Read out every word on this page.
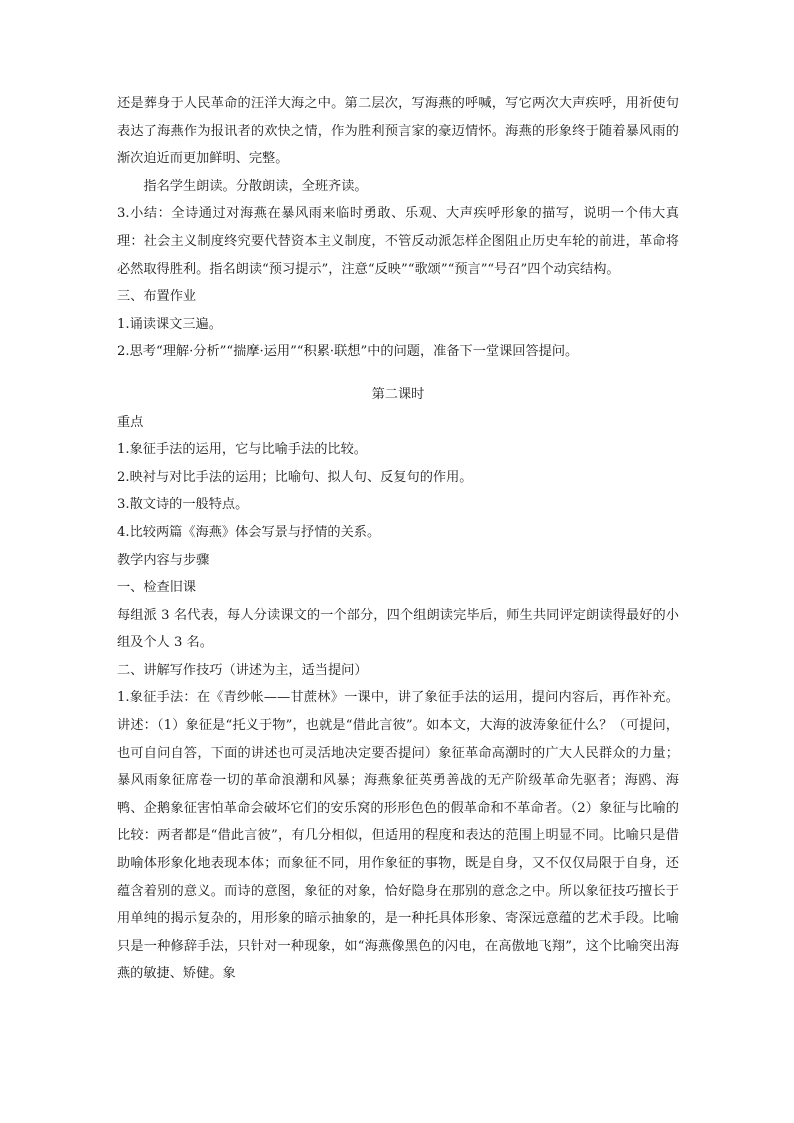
还是葬身于人民革命的汪洋大海之中。第二层次，写海燕的呼喊，写它两次大声疾呼，用祈使句表达了海燕作为报讯者的欢快之情，作为胜利预言家的豪迈情怀。海燕的形象终于随着暴风雨的渐次迫近而更加鲜明、完整。

指名学生朗读。分散朗读，全班齐读。

3.小结：全诗通过对海燕在暴风雨来临时勇敢、乐观、大声疾呼形象的描写，说明一个伟大真理：社会主义制度终究要代替资本主义制度，不管反动派怎样企图阻止历史车轮的前进，革命将必然取得胜利。指名朗读“预习提示”，注意“反映”“歌颂”“预言”“号召”四个动宾结构。

三、布置作业

1.诵读课文三遍。

2.思考“理解·分析”“揣摩·运用”“积累·联想”中的问题，准备下一堂课回答提问。

第二课时

重点

1.象征手法的运用，它与比喻手法的比较。

2.映衬与对比手法的运用；比喻句、拟人句、反复句的作用。

3.散文诗的一般特点。

4.比较两篇《海燕》体会写景与抒情的关系。

教学内容与步骤

一、检查旧课

每组派 3 名代表，每人分读课文的一个部分，四个组朗读完毕后，师生共同评定朗读得最好的小组及个人 3 名。

二、讲解写作技巧（讲述为主，适当提问）

1.象征手法：在《青纱帐——甘蔗林》一课中，讲了象征手法的运用，提问内容后，再作补充。讲述：（1）象征是“托义于物”，也就是“借此言彼”。如本文，大海的波涛象征什么？（可提问，也可自问自答，下面的讲述也可灵活地决定要否提问）象征革命高潮时的广大人民群众的力量；暴风雨象征席卷一切的革命浪潮和风暴；海燕象征英勇善战的无产阶级革命先驱者；海鸥、海鸭、企鹅象征害怕革命会破坏它们的安乐窝的形形色色的假革命和不革命者。（2）象征与比喻的比较：两者都是“借此言彼”，有几分相似，但适用的程度和表达的范围上明显不同。比喻只是借助喻体形象化地表现本体；而象征不同，用作象征的事物，既是自身，又不仅仅局限于自身，还蕴含着别的意义。而诗的意图，象征的对象，恰好隐身在那别的意念之中。所以象征技巧擅长于用单纯的揭示复杂的，用形象的暗示抽象的，是一种托具体形象、寄深远意蕴的艺术手段。比喻只是一种修辞手法，只针对一种现象，如“海燕像黑色的闪电，在高傲地飞翔”，这个比喻突出海燕的敏捷、矫健。象
